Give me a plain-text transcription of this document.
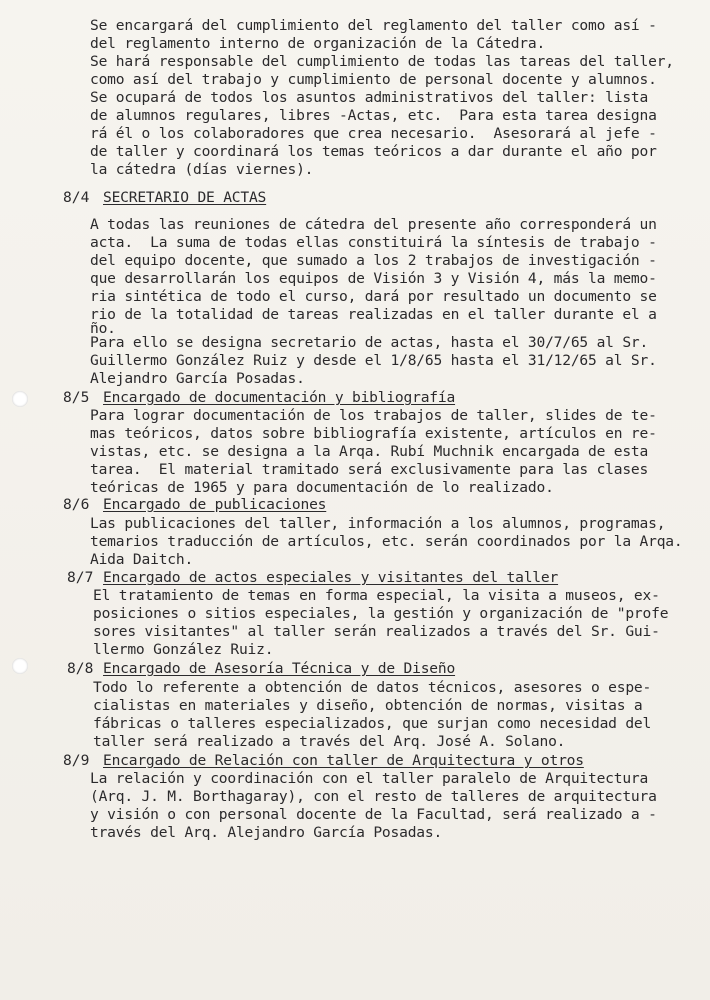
Se encargará del cumplimiento del reglamento del taller como así -
del reglamento interno de organización de la Cátedra.
Se hará responsable del cumplimiento de todas las tareas del taller,
como así del trabajo y cumplimiento de personal docente y alumnos.
Se ocupará de todos los asuntos administrativos del taller: lista
de alumnos regulares, libres -Actas, etc.  Para esta tarea designa
rá él o los colaboradores que crea necesario.  Asesorará al jefe -
de taller y coordinará los temas teóricos a dar durante el año por
la cátedra (días viernes).
8/4 SECRETARIO DE ACTAS
A todas las reuniones de cátedra del presente año corresponderá un
acta.  La suma de todas ellas constituirá la síntesis de trabajo -
del equipo docente, que sumado a los 2 trabajos de investigación -
que desarrollarán los equipos de Visión 3 y Visión 4, más la memo-
ria sintética de todo el curso, dará por resultado un documento se
rio de la totalidad de tareas realizadas en el taller durante el a
ño.
Para ello se designa secretario de actas, hasta el 30/7/65 al Sr.
Guillermo González Ruiz y desde el 1/8/65 hasta el 31/12/65 al Sr.
Alejandro García Posadas.
8/5 Encargado de documentación y bibliografía
Para lograr documentación de los trabajos de taller, slides de te-
mas teóricos, datos sobre bibliografía existente, artículos en re-
vistas, etc. se designa a la Arqa. Rubí Muchnik encargada de esta
tarea.  El material tramitado será exclusivamente para las clases
teóricas de 1965 y para documentación de lo realizado.
8/6 Encargado de publicaciones
Las publicaciones del taller, información a los alumnos, programas,
temarios traducción de artículos, etc. serán coordinados por la Arqa.
Aida Daitch.
8/7 Encargado de actos especiales y visitantes del taller
El tratamiento de temas en forma especial, la visita a museos, ex-
posiciones o sitios especiales, la gestión y organización de "profe
sores visitantes" al taller serán realizados a través del Sr. Gui-
llermo González Ruiz.
8/8 Encargado de Asesoría Técnica y de Diseño
Todo lo referente a obtención de datos técnicos, asesores o espe-
cialistas en materiales y diseño, obtención de normas, visitas a
fábricas o talleres especializados, que surjan como necesidad del
taller será realizado a través del Arq. José A. Solano.
8/9 Encargado de Relación con taller de Arquitectura y otros
La relación y coordinación con el taller paralelo de Arquitectura
(Arq. J. M. Borthagaray), con el resto de talleres de arquitectura
y visión o con personal docente de la Facultad, será realizado a -
través del Arq. Alejandro García Posadas.
